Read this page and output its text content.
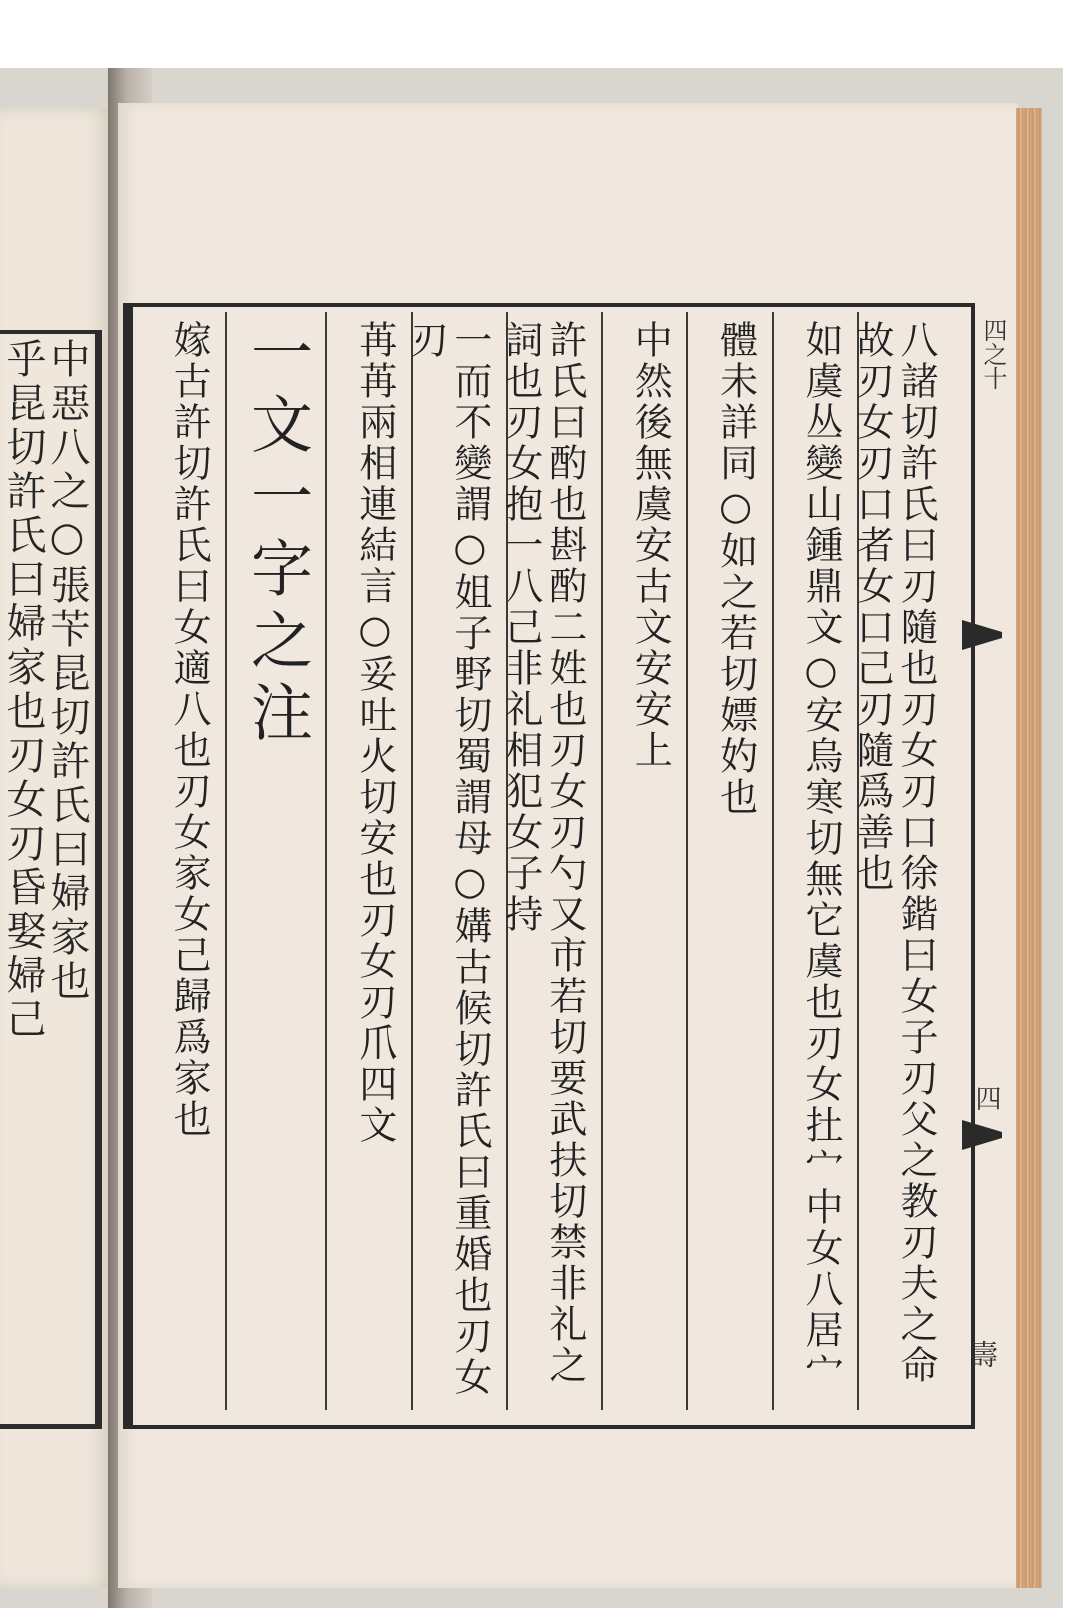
中惡八之○張苄昆切許氏曰婦家也
乎昆切許氏曰婦家也刃女刃昏娶婦己	四之十
四
壽
八諸切許氏曰刃隨也刃女刃口徐鍇曰女子刃父之教刃夫之命故刃女刃口者女口己刃隨爲善也
如虞丛變山鍾鼎文○安烏寒切無它虞也刃女扗宀中女八居宀
體未詳同○如之若切嫖妁也
中然後無虞安古文安安上
許氏曰酌也斟酌二姓也刃女刃勺又市若切要武扶切禁非礼之詞也刃女抱一八己非礼相犯女子持
一而不變謂○姐子野切蜀謂母○媾古候切許氏曰重婚也刃女刃
苒苒兩相連結言○妥吐火切安也刃女刃爪四文
一文一字之注
嫁古許切許氏曰女適八也刃女家女己歸爲家也
